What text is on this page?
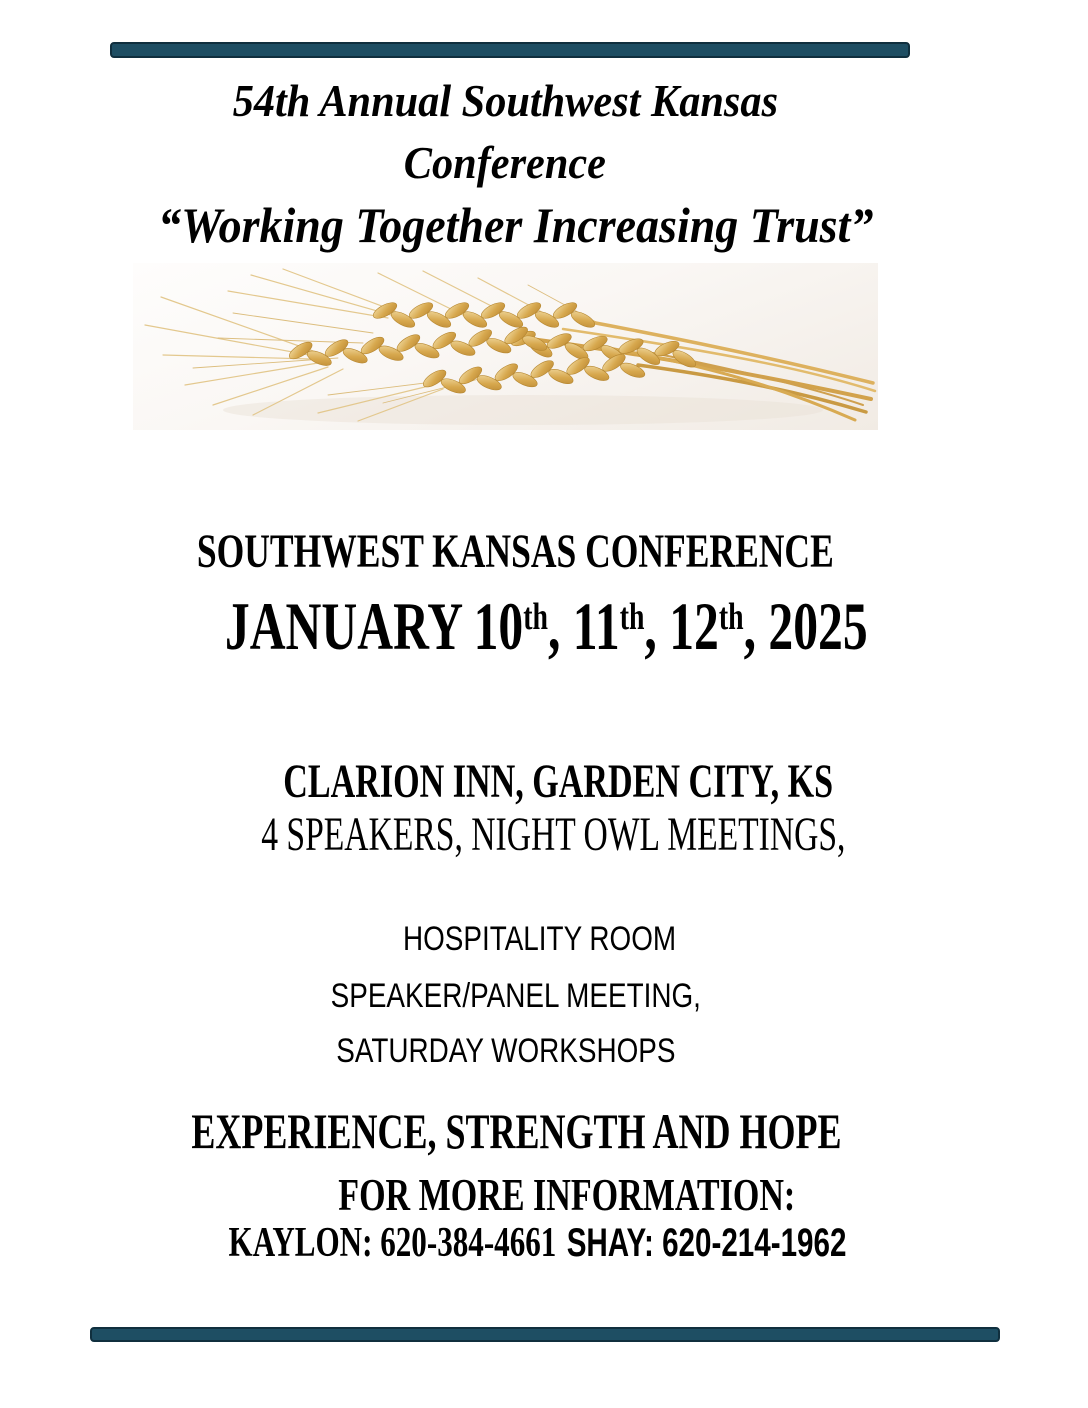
54th Annual Southwest Kansas
Conference
“Working Together Increasing Trust”
SOUTHWEST KANSAS CONFERENCE
JANUARY 10th, 11th, 12th, 2025
CLARION INN, GARDEN CITY, KS
4 SPEAKERS, NIGHT OWL MEETINGS,
HOSPITALITY ROOM
SPEAKER/PANEL MEETING,
SATURDAY WORKSHOPS
EXPERIENCE, STRENGTH AND HOPE
FOR MORE INFORMATION:
KAYLON: 620-384-4661 SHAY: 620-214-1962
